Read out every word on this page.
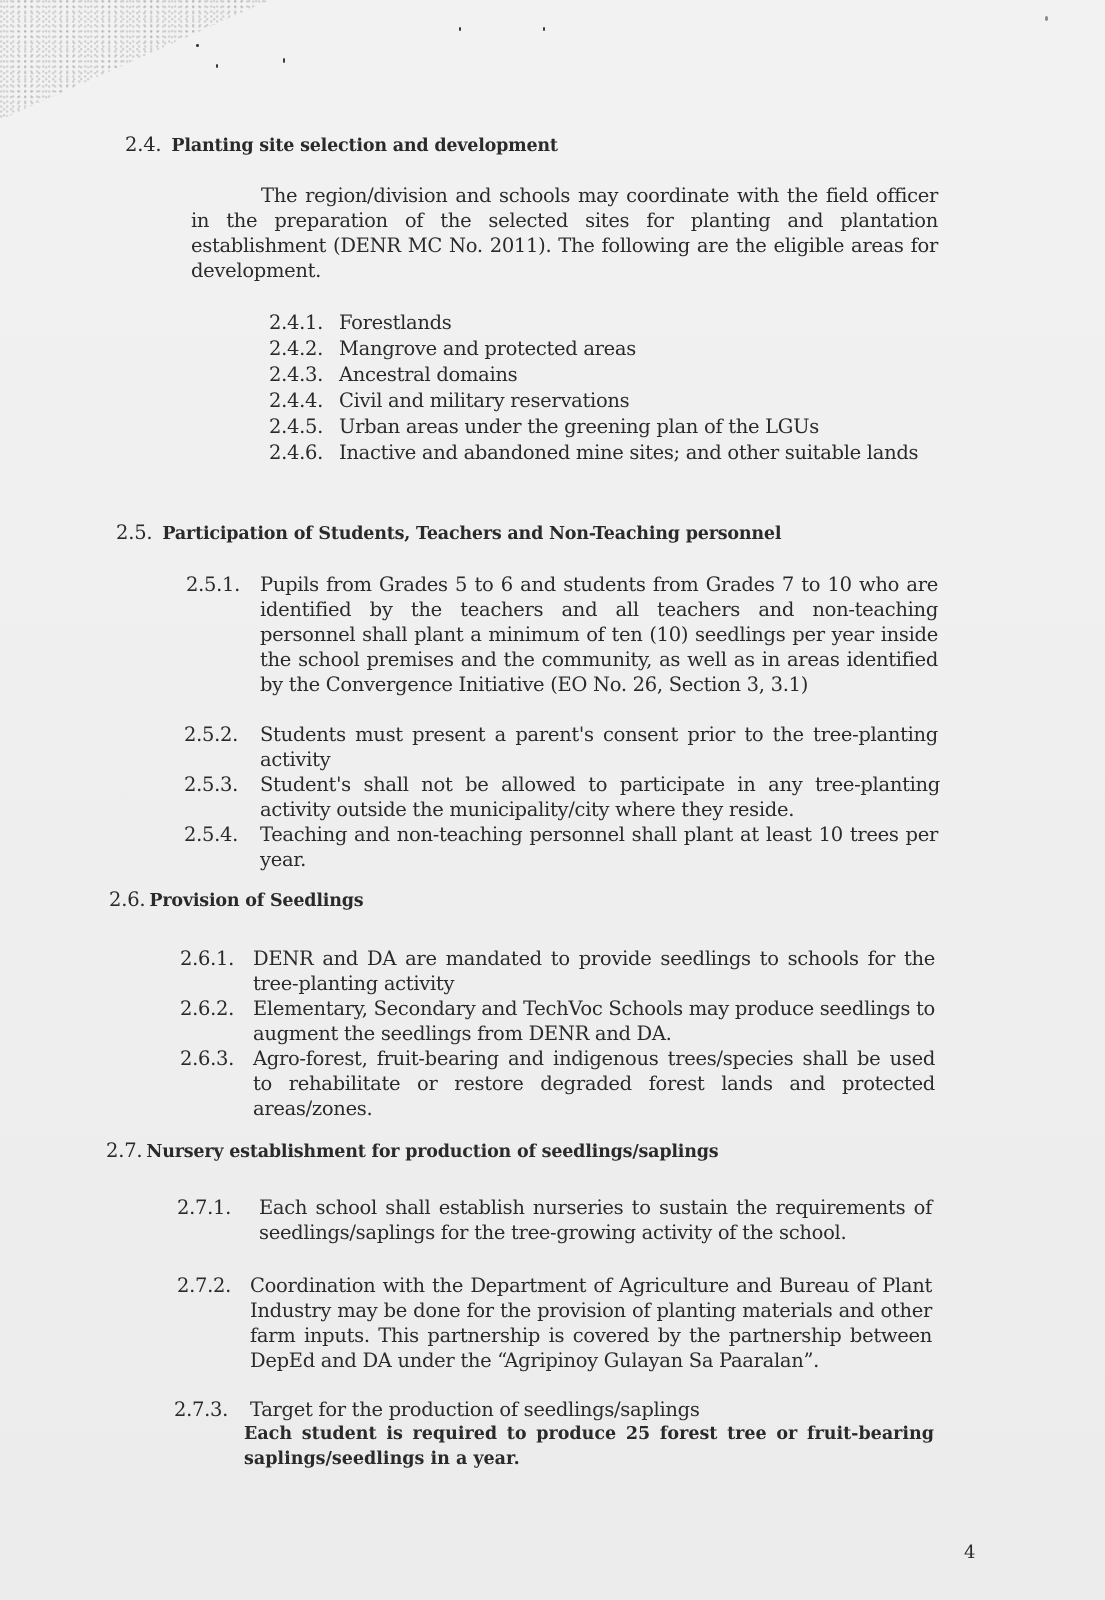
2.4. Planting site selection and development
The region/division and schools may coordinate with the field officer in the preparation of the selected sites for planting and plantation establishment (DENR MC No. 2011). The following are the eligible areas for development.
2.4.1. Forestlands
2.4.2. Mangrove and protected areas
2.4.3. Ancestral domains
2.4.4. Civil and military reservations
2.4.5. Urban areas under the greening plan of the LGUs
2.4.6. Inactive and abandoned mine sites; and other suitable lands
2.5. Participation of Students, Teachers and Non-Teaching personnel
2.5.1.	Pupils from Grades 5 to 6 and students from Grades 7 to 10 who are identified by the teachers and all teachers and non-teaching personnel shall plant a minimum of ten (10) seedlings per year inside the school premises and the community, as well as in areas identified by the Convergence Initiative (EO No. 26, Section 3, 3.1)
2.5.2.	Students must present a parent's consent prior to the tree-planting activity
2.5.3.	Student's shall not be allowed to participate in any tree-planting activity outside the municipality/city where they reside.
2.5.4.	Teaching and non-teaching personnel shall plant at least 10 trees per year.
2.6. Provision of Seedlings
2.6.1. DENR and DA are mandated to provide seedlings to schools for the tree-planting activity
2.6.2. Elementary, Secondary and TechVoc Schools may produce seedlings to augment the seedlings from DENR and DA.
2.6.3. Agro-forest, fruit-bearing and indigenous trees/species shall be used to rehabilitate or restore degraded forest lands and protected areas/zones.
2.7. Nursery establishment for production of seedlings/saplings
2.7.1.	Each school shall establish nurseries to sustain the requirements of seedlings/saplings for the tree-growing activity of the school.
2.7.2. Coordination with the Department of Agriculture and Bureau of Plant Industry may be done for the provision of planting materials and other farm inputs. This partnership is covered by the partnership between DepEd and DA under the “Agripinoy Gulayan Sa Paaralan”.
2.7.3.	Target for the production of seedlings/saplings
Each student is required to produce 25 forest tree or fruit-bearing saplings/seedlings in a year.
4
